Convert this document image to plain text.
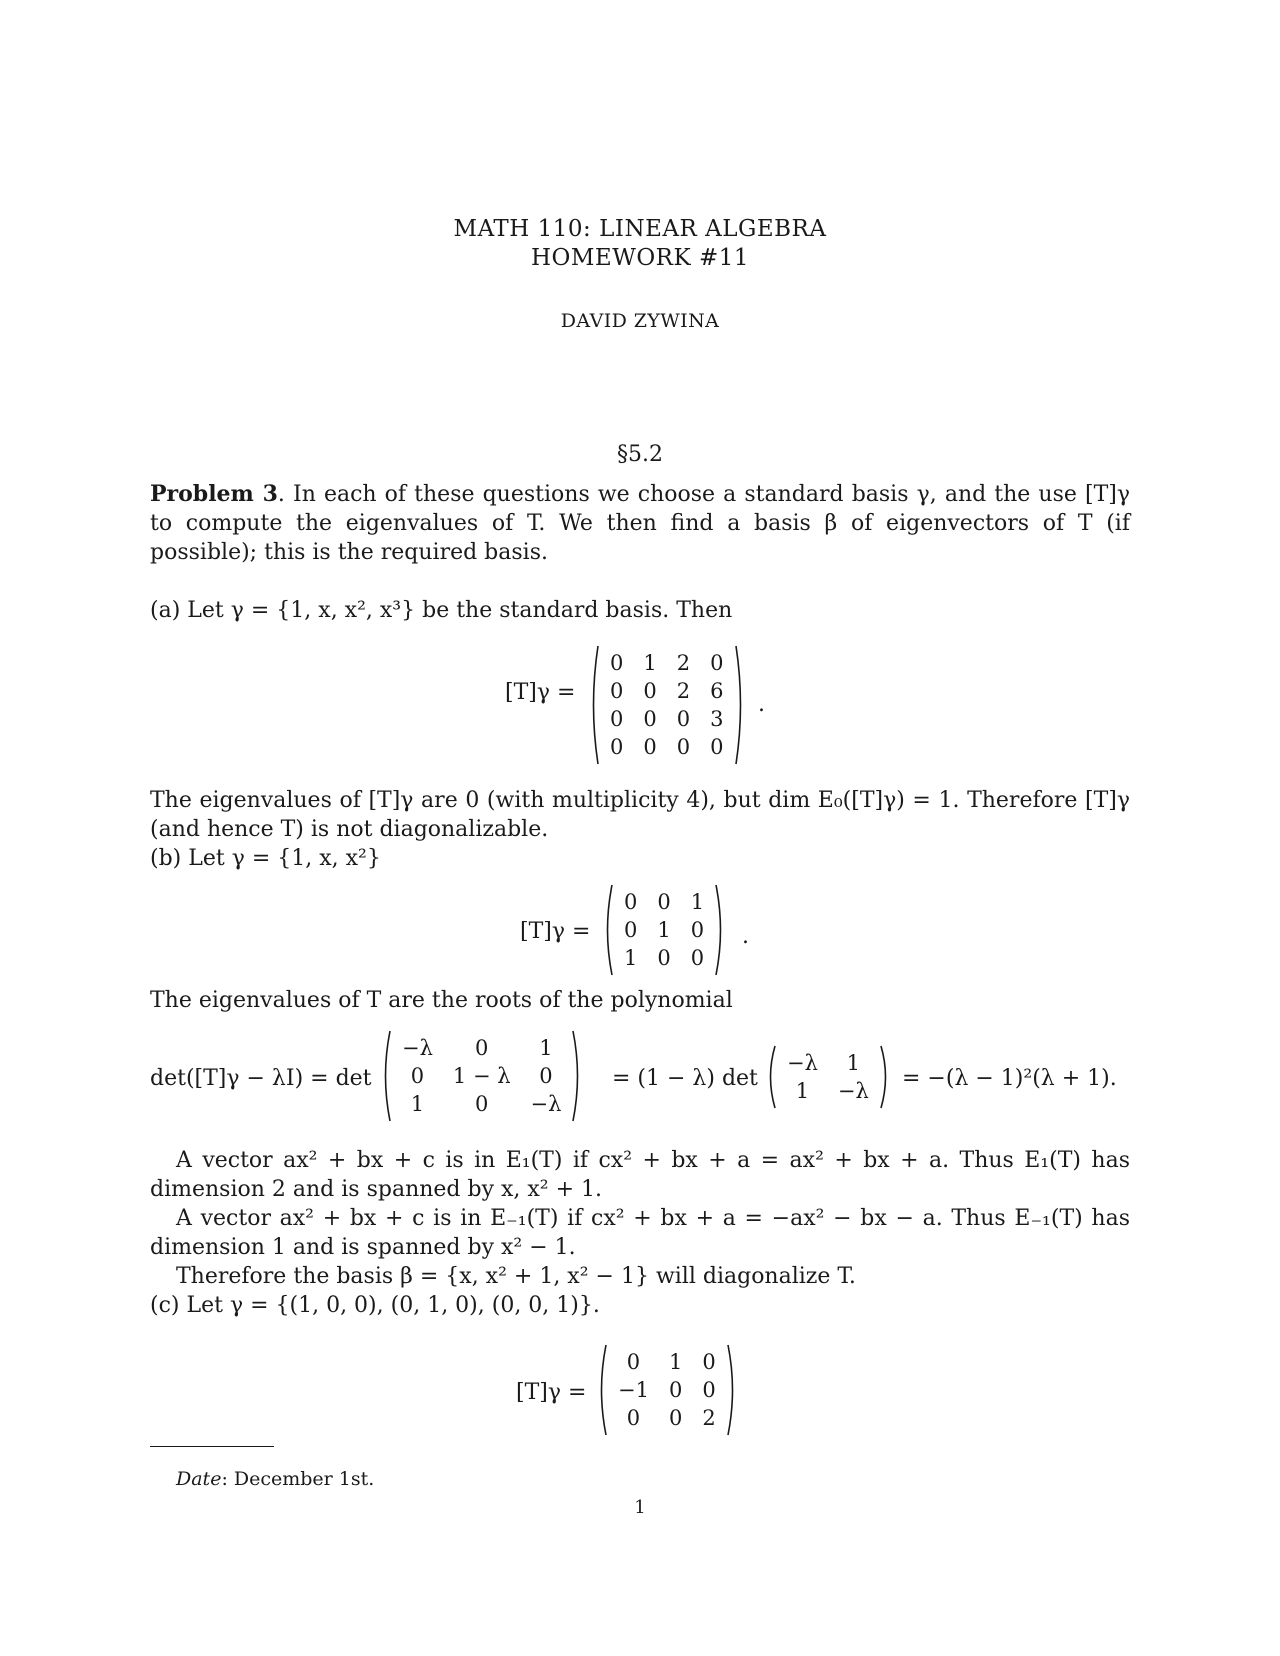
MATH 110: LINEAR ALGEBRA
HOMEWORK #11
DAVID ZYWINA
§5.2
Problem 3. In each of these questions we choose a standard basis γ, and the use [T]γ to compute the eigenvalues of T. We then find a basis β of eigenvectors of T (if possible); this is the required basis.
(a) Let γ = {1, x, x², x³} be the standard basis. Then
[T]γ =
0	1	2	0
0	0	2	6
0	0	0	3
0	0	0	0
.
The eigenvalues of [T]γ are 0 (with multiplicity 4), but dim E₀([T]γ) = 1. Therefore [T]γ (and hence T) is not diagonalizable.
(b) Let γ = {1, x, x²}
[T]γ =
0	0	1
0	1	0
1	0	0
.
The eigenvalues of T are the roots of the polynomial
det([T]γ − λI) = det
−λ	0	1
0	1 − λ	0
1	0	−λ
= (1 − λ) det
−λ	1
1	−λ = −(λ − 1)²(λ + 1).
A vector ax² + bx + c is in E₁(T) if cx² + bx + a = ax² + bx + a. Thus E₁(T) has dimension 2 and is spanned by x, x² + 1.
A vector ax² + bx + c is in E₋₁(T) if cx² + bx + a = −ax² − bx − a. Thus E₋₁(T) has dimension 1 and is spanned by x² − 1.
Therefore the basis β = {x, x² + 1, x² − 1} will diagonalize T.
(c) Let γ = {(1, 0, 0), (0, 1, 0), (0, 0, 1)}.
[T]γ =
0	1	0
−1	0	0
0	0	2
Date: December 1st.
1
